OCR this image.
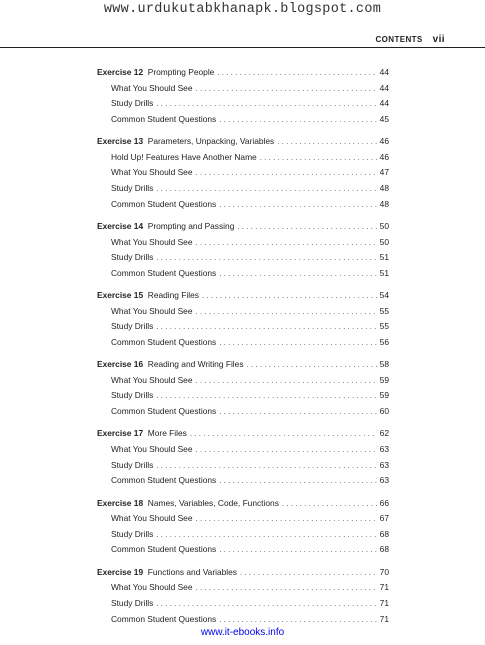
www.urdukutabkhanapk.blogspot.com
CONTENTS vii
Exercise 12 Prompting People . . .	44
What You Should See . . .	44
Study Drills . . .	44
Common Student Questions . . .	45
Exercise 13 Parameters, Unpacking, Variables . . .	46
Hold Up! Features Have Another Name . . .	46
What You Should See . . .	47
Study Drills . . .	48
Common Student Questions . . .	48
Exercise 14 Prompting and Passing . . .	50
What You Should See . . .	50
Study Drills . . .	51
Common Student Questions . . .	51
Exercise 15 Reading Files . . .	54
What You Should See . . .	55
Study Drills . . .	55
Common Student Questions . . .	56
Exercise 16 Reading and Writing Files . . .	58
What You Should See . . .	59
Study Drills . . .	59
Common Student Questions . . .	60
Exercise 17 More Files . . .	62
What You Should See . . .	63
Study Drills . . .	63
Common Student Questions . . .	63
Exercise 18 Names, Variables, Code, Functions . . .	66
What You Should See . . .	67
Study Drills . . .	68
Common Student Questions . . .	68
Exercise 19 Functions and Variables . . .	70
What You Should See . . .	71
Study Drills . . .	71
Common Student Questions . . .	71
www.it-ebooks.info
